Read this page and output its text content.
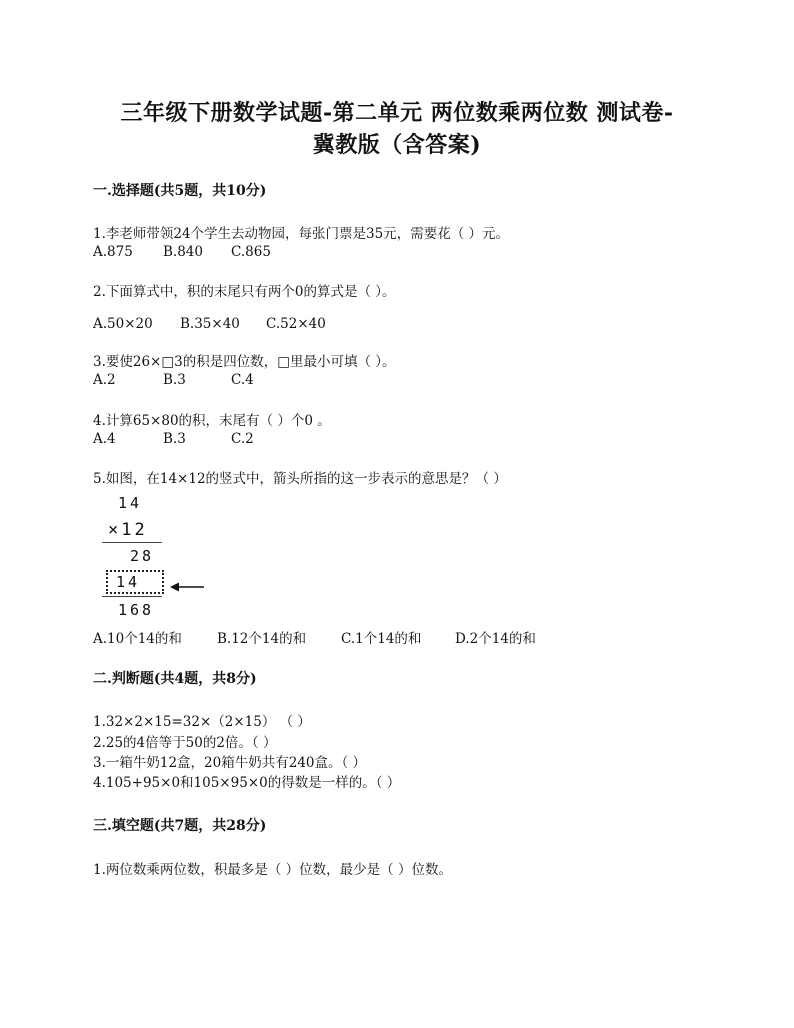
三年级下册数学试题-第二单元 两位数乘两位数 测试卷-
冀教版（含答案)
一.选择题(共5题，共10分)
1.李老师带领24个学生去动物园，每张门票是35元，需要花（ ）元。
A.875	B.840	C.865
2.下面算式中，积的末尾只有两个0的算式是（ ）。
A.50×20	B.35×40	C.52×40
3.要使26×□3的积是四位数，□里最小可填（ ）。
A.2	B.3	C.4
4.计算65×80的积，末尾有（ ）个0 。
A.4	B.3	C.2
5.如图，在14×12的竖式中，箭头所指的这一步表示的意思是？（ ）
14
×12
28
14
168
A.10个14的和	B.12个14的和	C.1个14的和	D.2个14的和
二.判断题(共4题，共8分)
1.32×2×15=32×（2×15） （ ）
2.25的4倍等于50的2倍。（ ）
3.一箱牛奶12盒，20箱牛奶共有240盒。（ ）
4.105+95×0和105×95×0的得数是一样的。（ ）
三.填空题(共7题，共28分)
1.两位数乘两位数，积最多是（ ）位数，最少是（ ）位数。
